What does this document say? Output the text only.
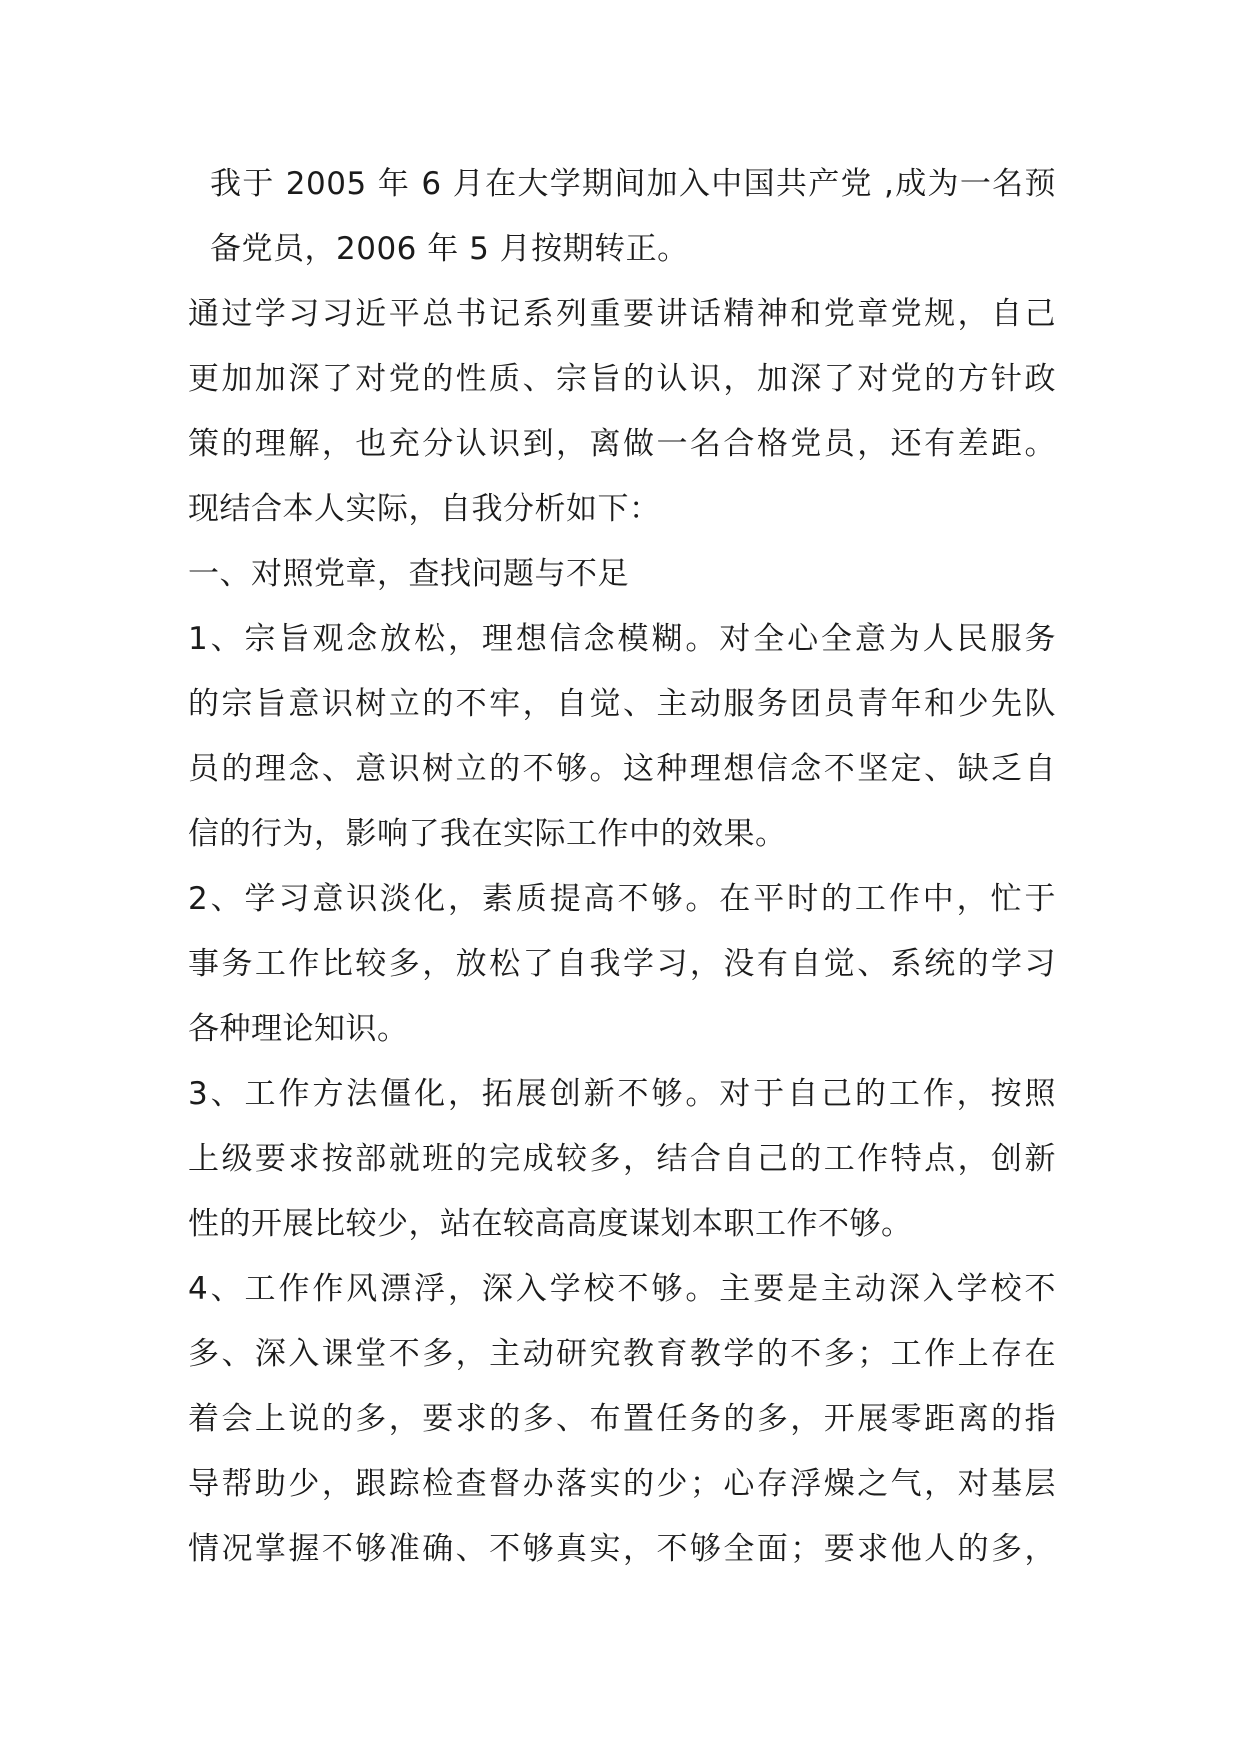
我于 2005 年 6 月在大学期间加入中国共产党 ,成为一名预
备党员，2006 年 5 月按期转正。
通过学习习近平总书记系列重要讲话精神和党章党规，自己
更加加深了对党的性质、宗旨的认识，加深了对党的方针政
策的理解，也充分认识到，离做一名合格党员，还有差距。
现结合本人实际，自我分析如下：
一、对照党章，查找问题与不足
1、宗旨观念放松，理想信念模糊。对全心全意为人民服务
的宗旨意识树立的不牢，自觉、主动服务团员青年和少先队
员的理念、意识树立的不够。这种理想信念不坚定、缺乏自
信的行为，影响了我在实际工作中的效果。
2、学习意识淡化，素质提高不够。在平时的工作中，忙于
事务工作比较多，放松了自我学习，没有自觉、系统的学习
各种理论知识。
3、工作方法僵化，拓展创新不够。对于自己的工作，按照
上级要求按部就班的完成较多，结合自己的工作特点，创新
性的开展比较少，站在较高高度谋划本职工作不够。
4、工作作风漂浮，深入学校不够。主要是主动深入学校不
多、深入课堂不多，主动研究教育教学的不多；工作上存在
着会上说的多，要求的多、布置任务的多，开展零距离的指
导帮助少，跟踪检查督办落实的少；心存浮燥之气，对基层
情况掌握不够准确、不够真实，不够全面；要求他人的多，
